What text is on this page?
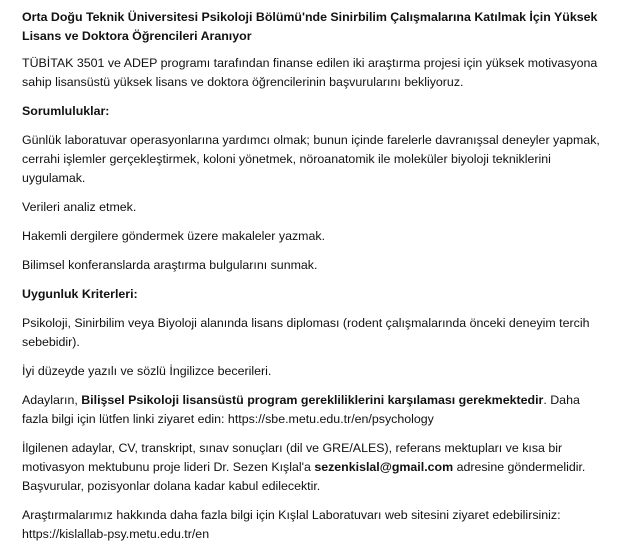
Orta Doğu Teknik Üniversitesi Psikoloji Bölümü'nde Sinirbilim Çalışmalarına Katılmak İçin Yüksek Lisans ve Doktora Öğrencileri Aranıyor

TÜBİTAK 3501 ve ADEP programı tarafından finanse edilen iki araştırma projesi için yüksek motivasyona sahip lisansüstü yüksek lisans ve doktora öğrencilerinin başvurularını bekliyoruz.

Sorumluluklar:

Günlük laboratuvar operasyonlarına yardımcı olmak; bunun içinde farelerle davranışsal deneyler yapmak, cerrahi işlemler gerçekleştirmek, koloni yönetmek, nöroanatomik ile moleküler biyoloji tekniklerini uygulamak.

Verileri analiz etmek.

Hakemli dergilere göndermek üzere makaleler yazmak.

Bilimsel konferanslarda araştırma bulgularını sunmak.

Uygunluk Kriterleri:

Psikoloji, Sinirbilim veya Biyoloji alanında lisans diploması (rodent çalışmalarında önceki deneyim tercih sebebidir).

İyi düzeyde yazılı ve sözlü İngilizce becerileri.

Adayların, Bilişsel Psikoloji lisansüstü program gerekliliklerini karşılaması gerekmektedir. Daha fazla bilgi için lütfen linki ziyaret edin: https://sbe.metu.edu.tr/en/psychology

İlgilenen adaylar, CV, transkript, sınav sonuçları (dil ve GRE/ALES), referans mektupları ve kısa bir motivasyon mektubunu proje lideri Dr. Sezen Kışlal'a sezenkislal@gmail.com adresine göndermelidir. Başvurular, pozisyonlar dolana kadar kabul edilecektir.

Araştırmalarımız hakkında daha fazla bilgi için Kışlal Laboratuvarı web sitesini ziyaret edebilirsiniz: https://kislallab-psy.metu.edu.tr/en
